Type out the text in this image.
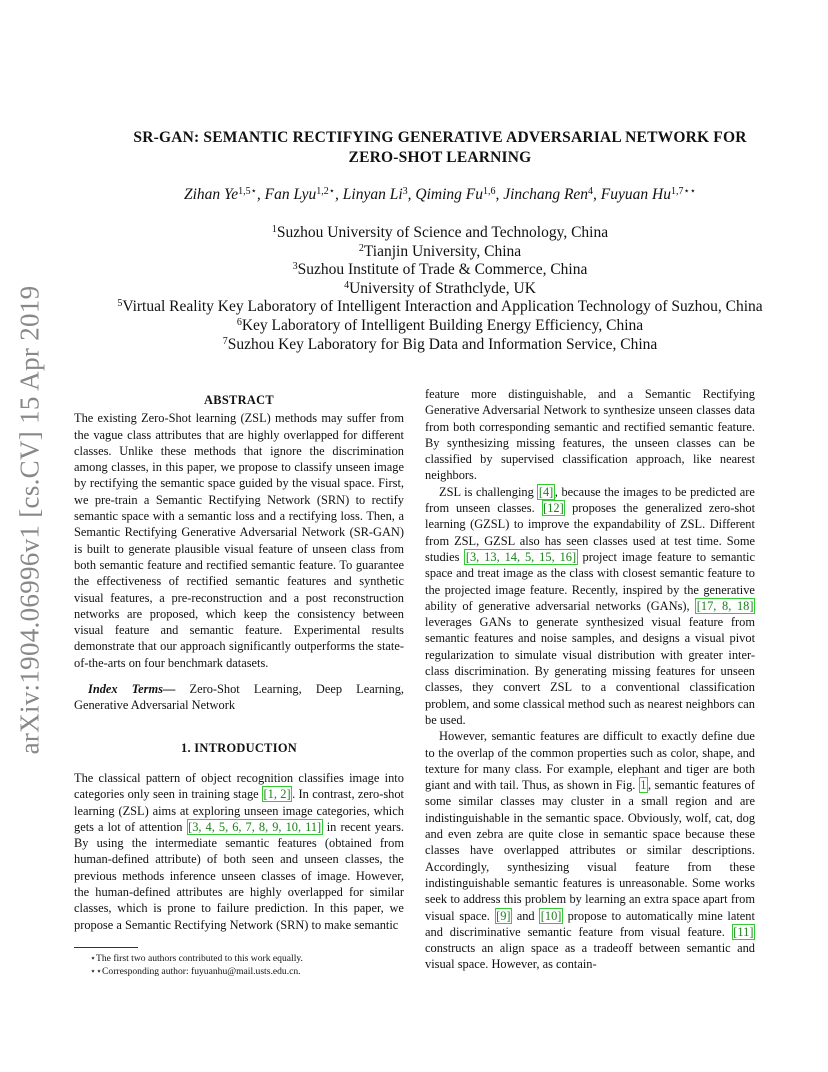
arXiv:1904.06996v1 [cs.CV] 15 Apr 2019
SR-GAN: SEMANTIC RECTIFYING GENERATIVE ADVERSARIAL NETWORK FOR
ZERO-SHOT LEARNING
Zihan $Ye^{1,5⋆}$, Fan Lyu$^{1,2⋆}$, Linyan Li$^3$, Qiming Fu$^{1,6}$, Jinchang Ren$^4$, Fuyuan $Hu^{1,7⋆⋆}$
$^1$Suzhou University of Science and Technology, China
$^2$Tianjin University, China
$^3$Suzhou Institute of Trade & Commerce, China
$^4$University of Strathclyde, UK
$^5$Virtual Reality Key Laboratory of Intelligent Interaction and Application Technology of Suzhou, China
$^6$Key Laboratory of Intelligent Building Energy Efficiency, China
$^7$Suzhou Key Laboratory for Big Data and Information Service, China
ABSTRACT

The existing Zero-Shot learning (ZSL) methods may suffer from the vague class attributes that are highly overlapped for different classes. Unlike these methods that ignore the discrimination among classes, in this paper, we propose to classify unseen image by rectifying the semantic space guided by the visual space. First, we pre-train a Semantic Rectifying Network (SRN) to rectify semantic space with a semantic loss and a rectifying loss. Then, a Semantic Rectifying Generative Adversarial Network (SR-GAN) is built to generate plausible visual feature of unseen class from both semantic feature and rectified semantic feature. To guarantee the effectiveness of rectified semantic features and synthetic visual features, a pre-reconstruction and a post reconstruction networks are proposed, which keep the consistency between visual feature and semantic feature. Experimental results demonstrate that our approach significantly outperforms the state-of-the-arts on four benchmark datasets.

Index Terms— Zero-Shot Learning, Deep Learning, Generative Adversarial Network

1. INTRODUCTION

The classical pattern of object recognition classifies image into categories only seen in training stage [1, 2] . In contrast, zero-shot learning (ZSL) aims at exploring unseen image categories, which gets a lot of attention [3, 4, 5, 6, 7, 8, 9, 10, 11] in recent years. By using the intermediate semantic features (obtained from human-defined attribute) of both seen and unseen classes, the previous methods inference unseen classes of image. However, the human-defined attributes are highly overlapped for similar classes, which is prone to failure prediction. In this paper, we propose a Semantic Rectifying Network (SRN) to make semantic

feature more distinguishable, and a Semantic Rectifying Generative Adversarial Network to synthesize unseen classes data from both corresponding semantic and rectified semantic feature. By synthesizing missing features, the unseen classes can be classified by supervised classification approach, like nearest neighbors.

ZSL is challenging [4] , because the images to be predicted are from unseen classes. [12] proposes the generalized zero-shot learning (GZSL) to improve the expandability of ZSL. Different from ZSL, GZSL also has seen classes used at test time. Some studies [3, 13, 14, 5, 15, 16] project image feature to semantic space and treat image as the class with closest semantic feature to the projected image feature. Recently, inspired by the generative ability of generative adversarial networks (GANs), [17, 8, 18] leverages GANs to generate synthesized visual feature from semantic features and noise samples, and designs a visual pivot regularization to simulate visual distribution with greater inter-class discrimination. By generating missing features for unseen classes, they convert ZSL to a conventional classification problem, and some classical method such as nearest neighbors can be used.

However, semantic features are difficult to exactly define due to the overlap of the common properties such as color, shape, and texture for many class. For example, elephant and tiger are both giant and with tail. Thus, as shown in Fig. 1 , semantic features of some similar classes may cluster in a small region and are indistinguishable in the semantic space. Obviously, wolf, cat, dog and even zebra are quite close in semantic space because these classes have overlapped attributes or similar descriptions. Accordingly, synthesizing visual feature from these indistinguishable semantic features is unreasonable. Some works seek to address this problem by learning an extra space apart from visual space. [9] and [10] propose to automatically mine latent and discriminative semantic feature from visual feature. [11] constructs an align space as a tradeoff between semantic and visual space. However, as contain-

⋆The first two authors contributed to this work equally.
⋆⋆Corresponding author: fuyuanhu@mail.usts.edu.cn.
